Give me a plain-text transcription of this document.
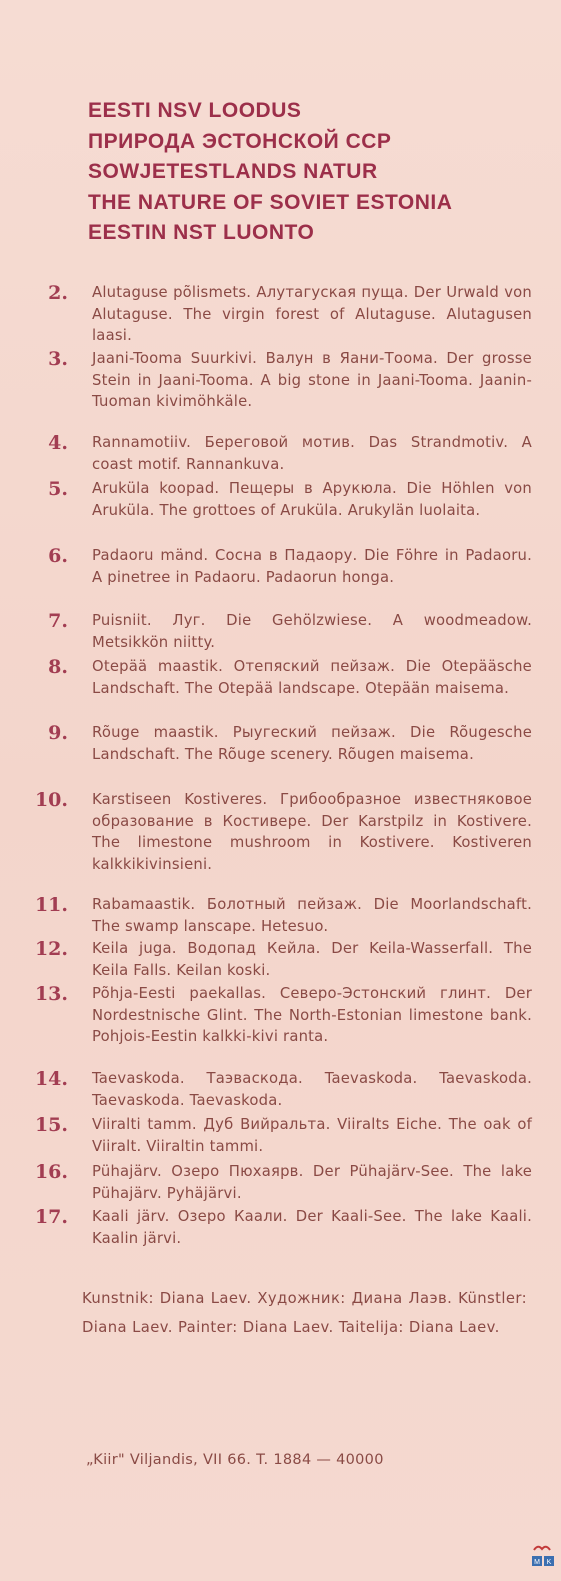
EESTI NSV LOODUS
ПРИРОДА ЭСТОНСКОЙ ССР
SOWJETESTLANDS NATUR
THE NATURE OF SOVIET ESTONIA
EESTIN NST LUONTO
2. Alutaguse põlismets. Алутагуская пуща. Der Urwald von Alutaguse. The virgin forest of Alutaguse. Alutagusen laasi.
3. Jaani-Tooma Suurkivi. Валун в Яани-Тоома. Der grosse Stein in Jaani-Tooma. A big stone in Jaani-Tooma. Jaanin-Tuoman kivimöhkäle.
4. Rannamotiiv. Береговой мотив. Das Strandmotiv. A coast motif. Rannankuva.
5. Aruküla koopad. Пещеры в Арукюла. Die Höhlen von Aruküla. The grottoes of Aruküla. Arukylän luolaita.
6. Padaoru mänd. Сосна в Падаору. Die Föhre in Padaoru. A pinetree in Padaoru. Padaorun honga.
7. Puisniit. Луг. Die Gehölzwiese. A woodmeadow. Metsikkön niitty.
8. Otepää maastik. Отепяский пейзаж. Die Otepääsche Landschaft. The Otepää landscape. Otepään maisema.
9. Rõuge maastik. Рыугеский пейзаж. Die Rõugesche Landschaft. The Rõuge scenery. Rõugen maisema.
10. Karstiseen Kostiveres. Грибообразное известняковое образование в Костивере. Der Karstpilz in Kostivere. The limestone mushroom in Kostivere. Kostiveren kalkkikivinsieni.
11. Rabamaastik. Болотный пейзаж. Die Moorlandschaft. The swamp lanscape. Hetesuo.
12. Keila juga. Водопад Кейла. Der Keila-Wasserfall. The Keila Falls. Keilan koski.
13. Põhja-Eesti paekallas. Северо-Эстонский глинт. Der Nordestnische Glint. The North-Estonian limestone bank. Pohjois-Eestin kalkki-kivi ranta.
14. Taevaskoda. Таэваскода. Taevaskoda. Taevaskoda. Taevaskoda. Taevaskoda.
15. Viiralti tamm. Дуб Вийральта. Viiralts Eiche. The oak of Viiralt. Viiraltin tammi.
16. Pühajärv. Озеро Пюхаярв. Der Pühajärv-See. The lake Pühajärv. Pyhäjärvi.
17. Kaali järv. Озеро Каали. Der Kaali-See. The lake Kaali. Kaalin järvi.
Kunstnik: Diana Laev. Художник: Диана Лаэв. Künstler: Diana Laev. Painter: Diana Laev. Taitelija: Diana Laev.
„Kiir" Viljandis, VII 66. T. 1884 — 40000
M K
